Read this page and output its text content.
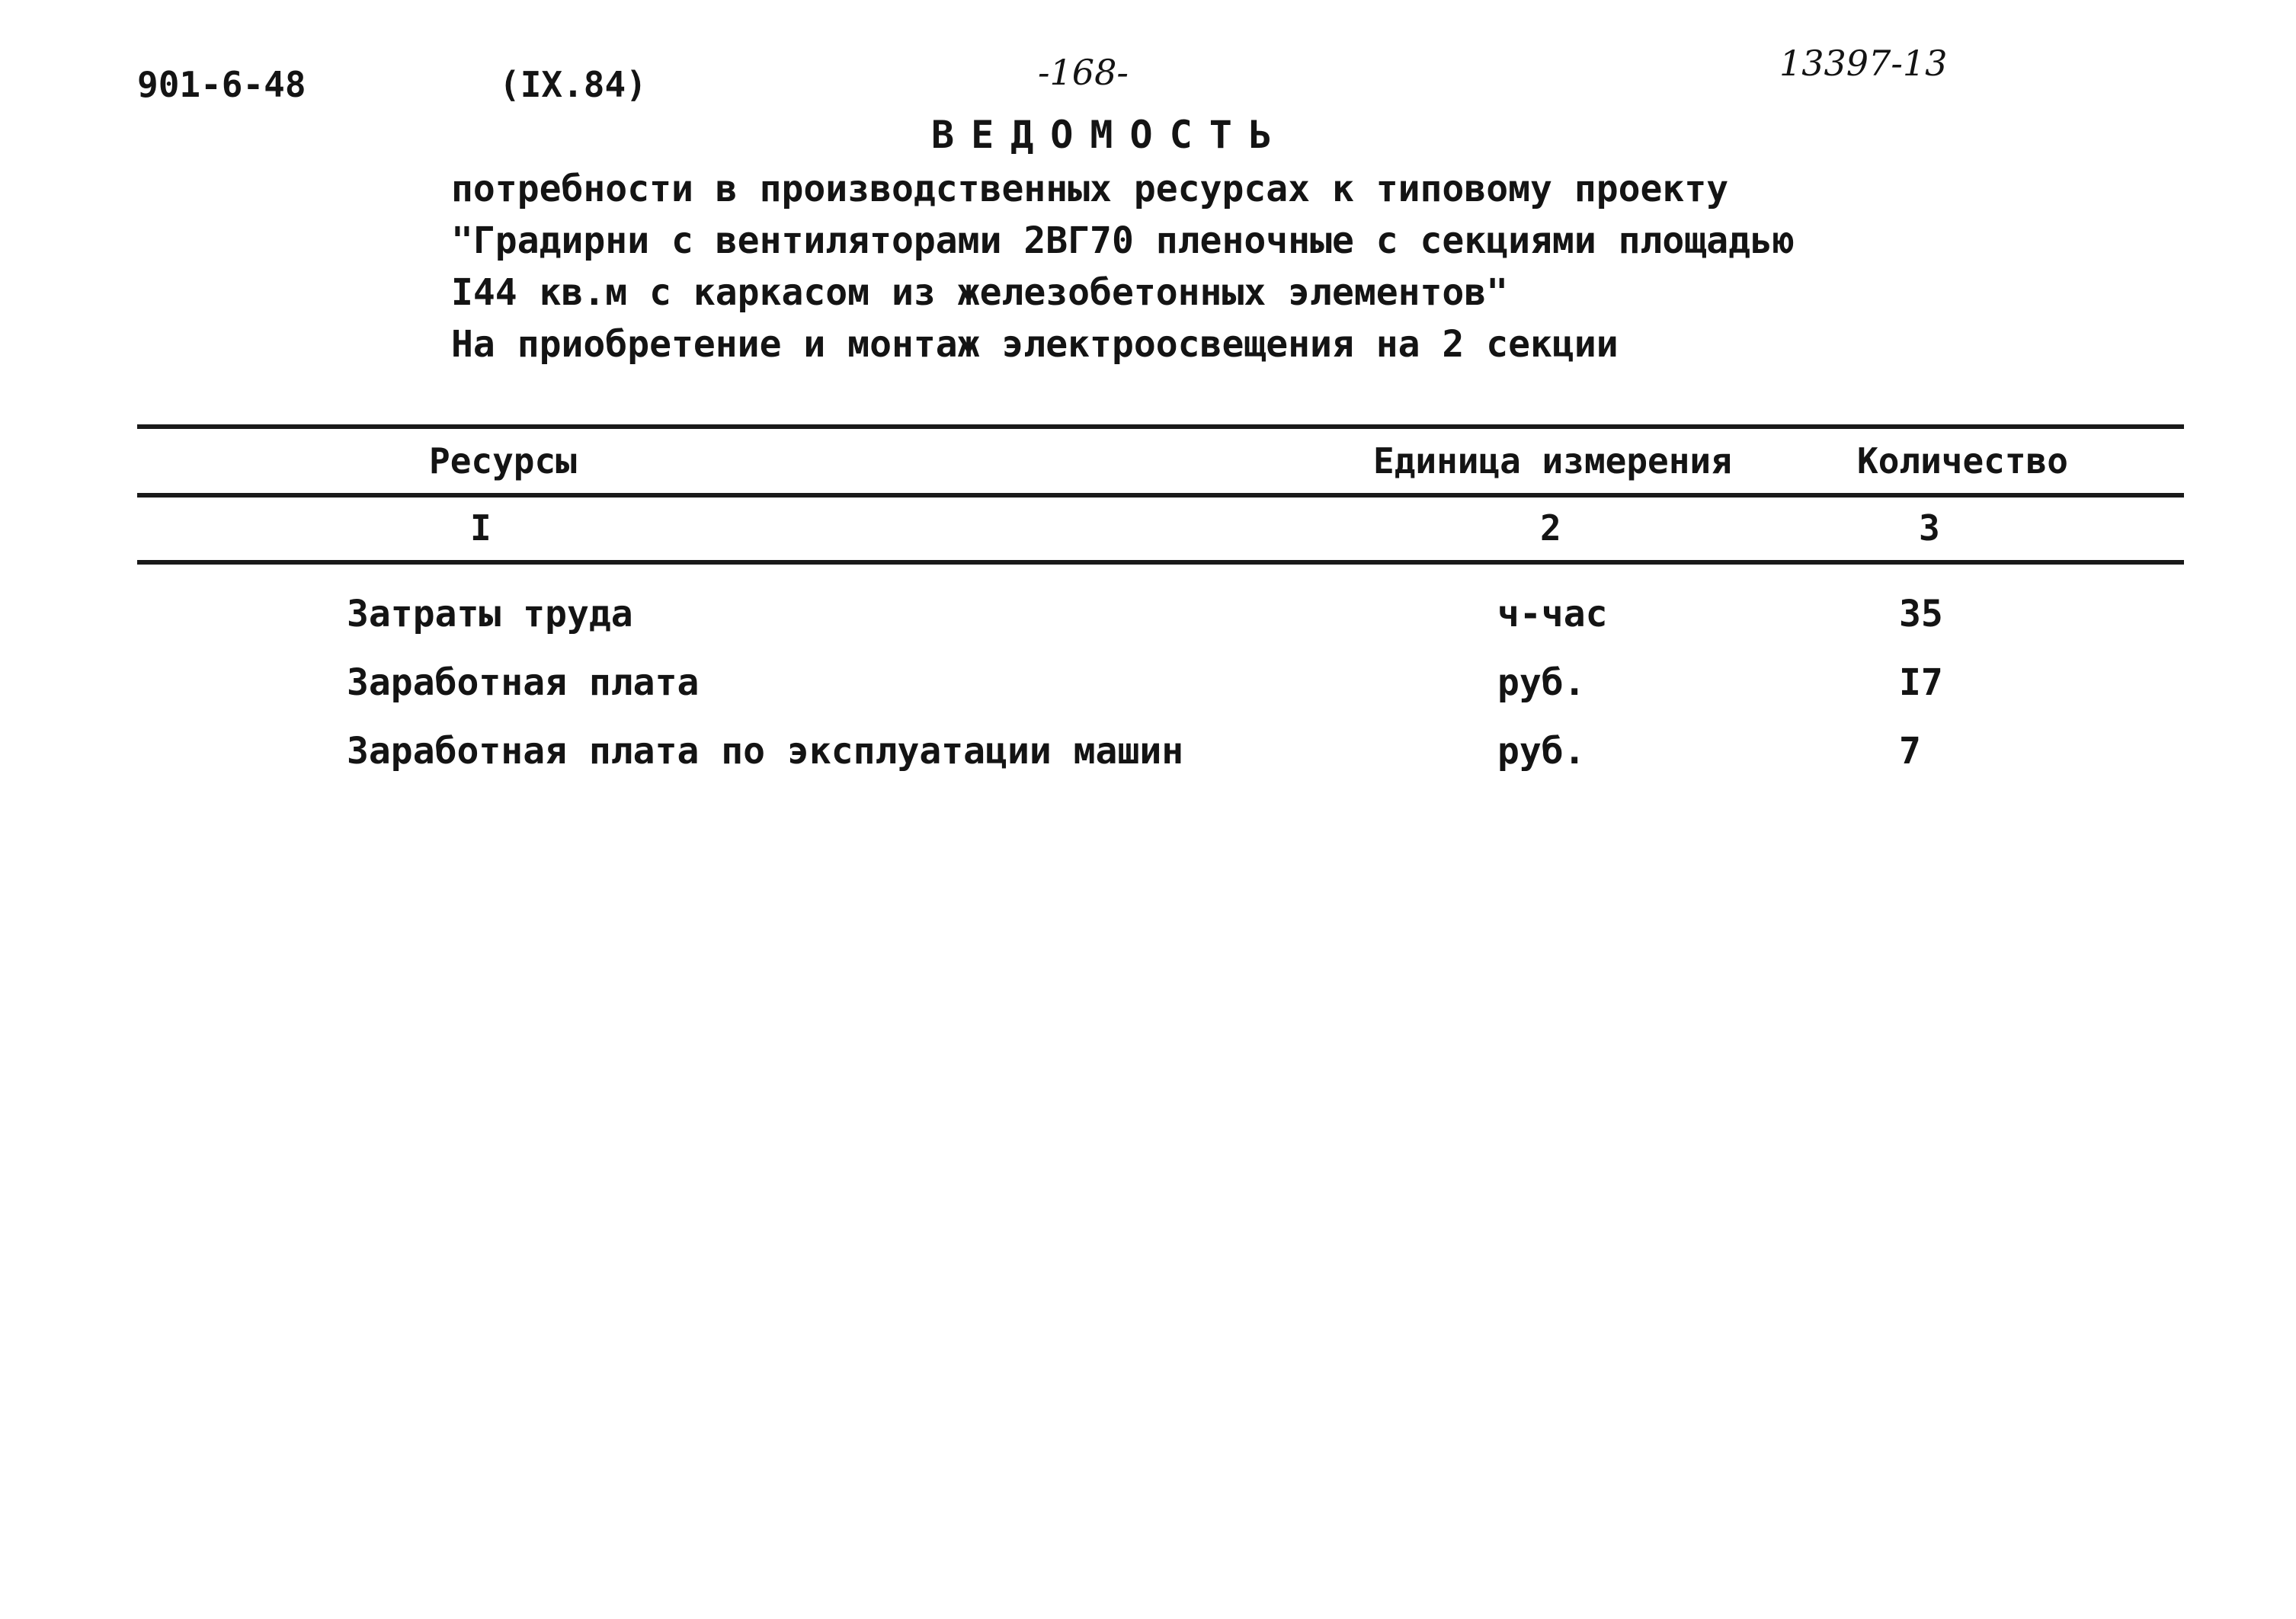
901-6-48	(IX.84)	-168-	13397-13
ВЕДОМОСТЬ
потребности в производственных ресурсах к типовому проекту
"Градирни с вентиляторами 2ВГ70 пленочные с секциями площадью
I44 кв.м с каркасом из железобетонных элементов"
На приобретение и монтаж электроосвещения на 2 секции
Ресурсы	Единица измерения	Количество
I	2	3
Затраты труда	ч-час	35
Заработная плата	руб.	I7
Заработная плата по эксплуатации машин	руб.	7
